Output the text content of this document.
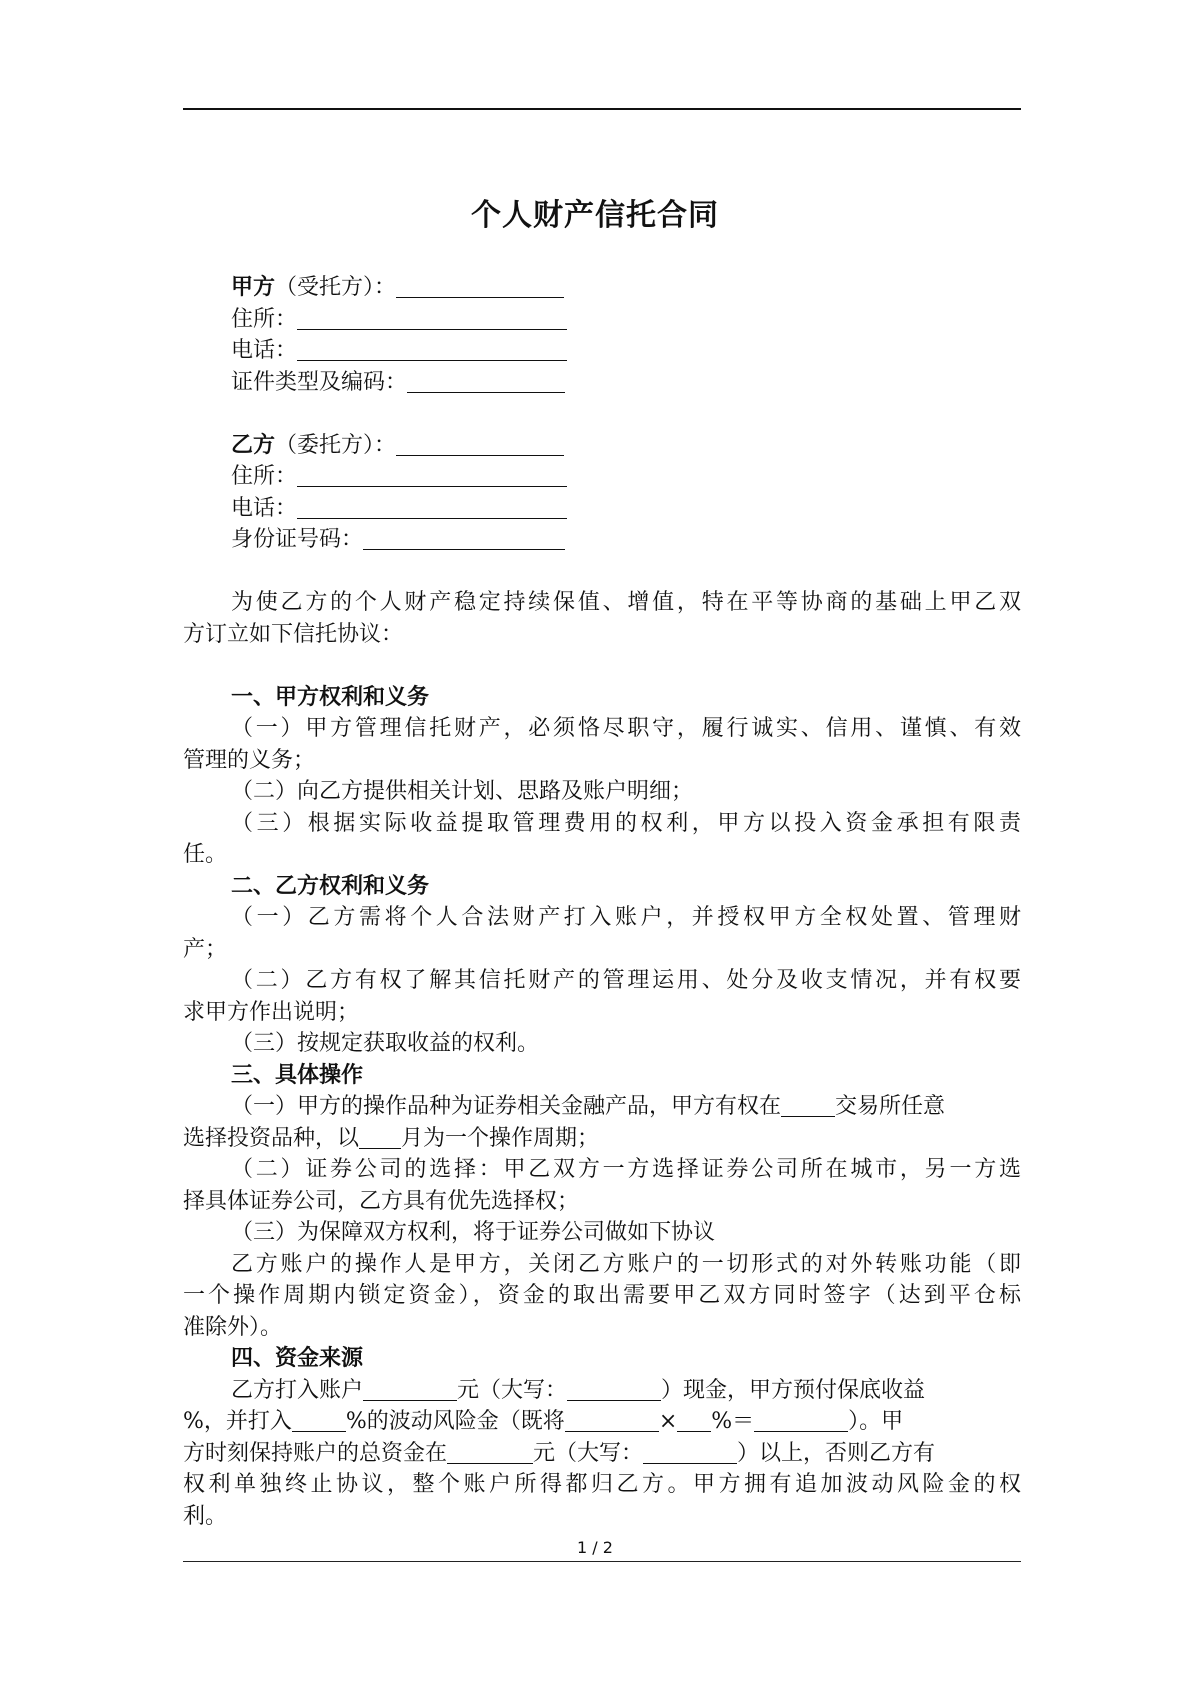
个人财产信托合同
甲方（受托方）：
住所：
电话：
证件类型及编码：
乙方（委托方）：
住所：
电话：
身份证号码：
为使乙方的个人财产稳定持续保值、增值，特在平等协商的基础上甲乙双
方订立如下信托协议：
一、甲方权利和义务
（一）甲方管理信托财产，必须恪尽职守，履行诚实、信用、谨慎、有效
管理的义务；
（二）向乙方提供相关计划、思路及账户明细；
（三）根据实际收益提取管理费用的权利，甲方以投入资金承担有限责
任。
二、乙方权利和义务
（一）乙方需将个人合法财产打入账户，并授权甲方全权处置、管理财
产；
（二）乙方有权了解其信托财产的管理运用、处分及收支情况，并有权要
求甲方作出说明；
（三）按规定获取收益的权利。
三、具体操作
（一）甲方的操作品种为证券相关金融产品，甲方有权在 交易所任意
选择投资品种，以 月为一个操作周期；
（二）证券公司的选择：甲乙双方一方选择证券公司所在城市，另一方选
择具体证券公司，乙方具有优先选择权；
（三）为保障双方权利，将于证券公司做如下协议
乙方账户的操作人是甲方，关闭乙方账户的一切形式的对外转账功能（即
一个操作周期内锁定资金），资金的取出需要甲乙双方同时签字（达到平仓标
准除外）。
四、资金来源
乙方打入账户	元（大写：	）现金，甲方预付保底收益
%，并打入 %的波动风险金（既将	× %＝	）。甲
方时刻保持账户的总资金在	元（大写：	）以上，否则乙方有
权利单独终止协议，整个账户所得都归乙方。甲方拥有追加波动风险金的权
利。
1 / 2
